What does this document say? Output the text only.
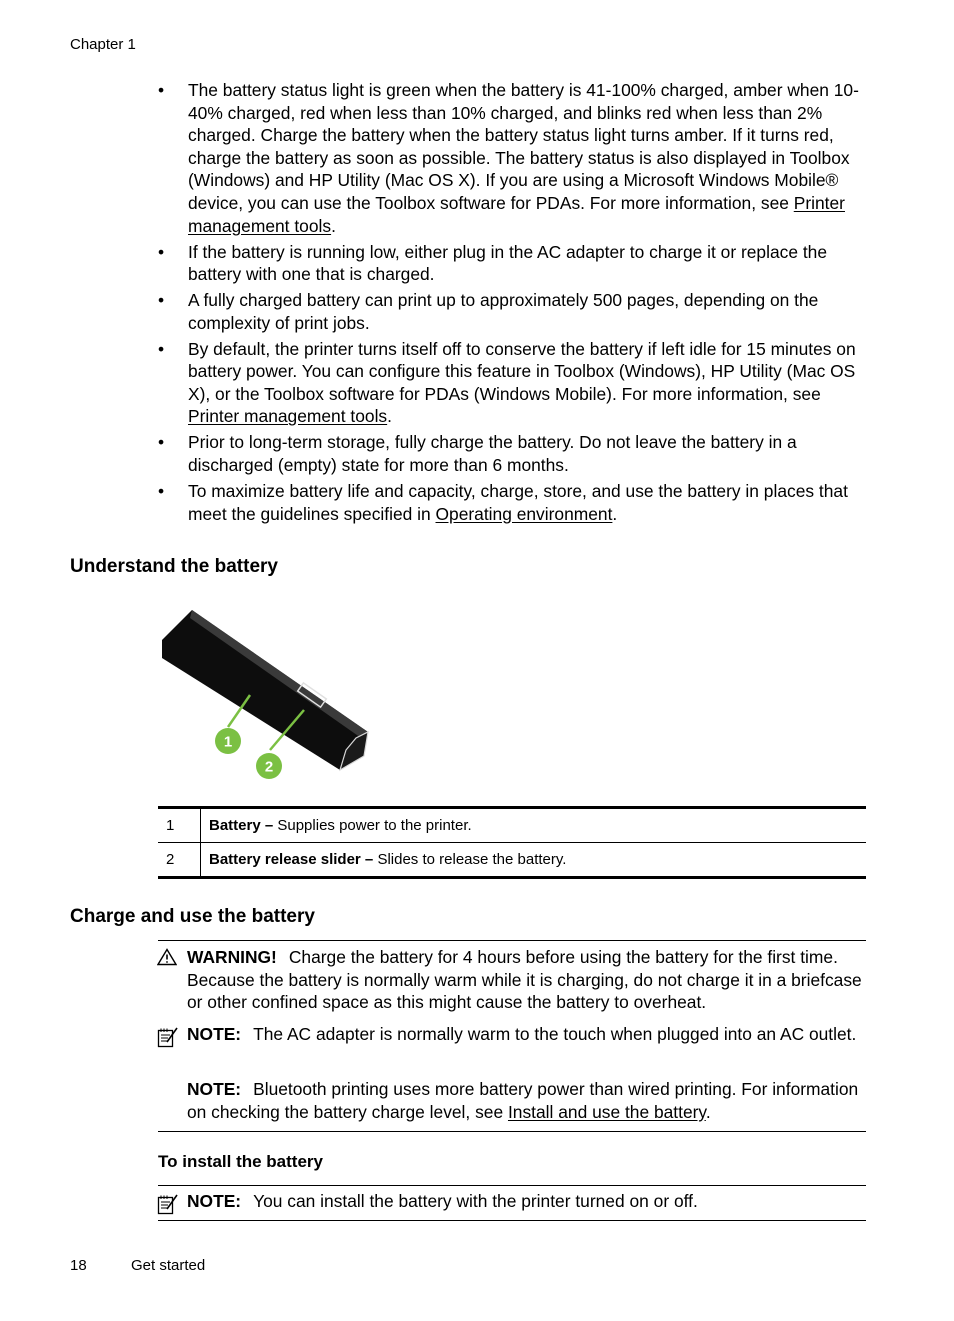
Chapter 1
• The battery status light is green when the battery is 41-100% charged, amber when 10-40% charged, red when less than 10% charged, and blinks red when less than 2% charged. Charge the battery when the battery status light turns amber. If it turns red, charge the battery as soon as possible. The battery status is also displayed in Toolbox (Windows) and HP Utility (Mac OS X). If you are using a Microsoft Windows Mobile® device, you can use the Toolbox software for PDAs. For more information, see Printer management tools.
• If the battery is running low, either plug in the AC adapter to charge it or replace the battery with one that is charged.
• A fully charged battery can print up to approximately 500 pages, depending on the complexity of print jobs.
• By default, the printer turns itself off to conserve the battery if left idle for 15 minutes on battery power. You can configure this feature in Toolbox (Windows), HP Utility (Mac OS X), or the Toolbox software for PDAs (Windows Mobile). For more information, see Printer management tools.
• Prior to long-term storage, fully charge the battery. Do not leave the battery in a discharged (empty) state for more than 6 months.
• To maximize battery life and capacity, charge, store, and use the battery in places that meet the guidelines specified in Operating environment.
Understand the battery
1
2
1	Battery – Supplies power to the printer.
2	Battery release slider – Slides to release the battery.
Charge and use the battery
WARNING! Charge the battery for 4 hours before using the battery for the first time. Because the battery is normally warm while it is charging, do not charge it in a briefcase or other confined space as this might cause the battery to overheat.
NOTE: The AC adapter is normally warm to the touch when plugged into an AC outlet.
NOTE: Bluetooth printing uses more battery power than wired printing. For information on checking the battery charge level, see Install and use the battery.
To install the battery
NOTE: You can install the battery with the printer turned on or off.
18	Get started
